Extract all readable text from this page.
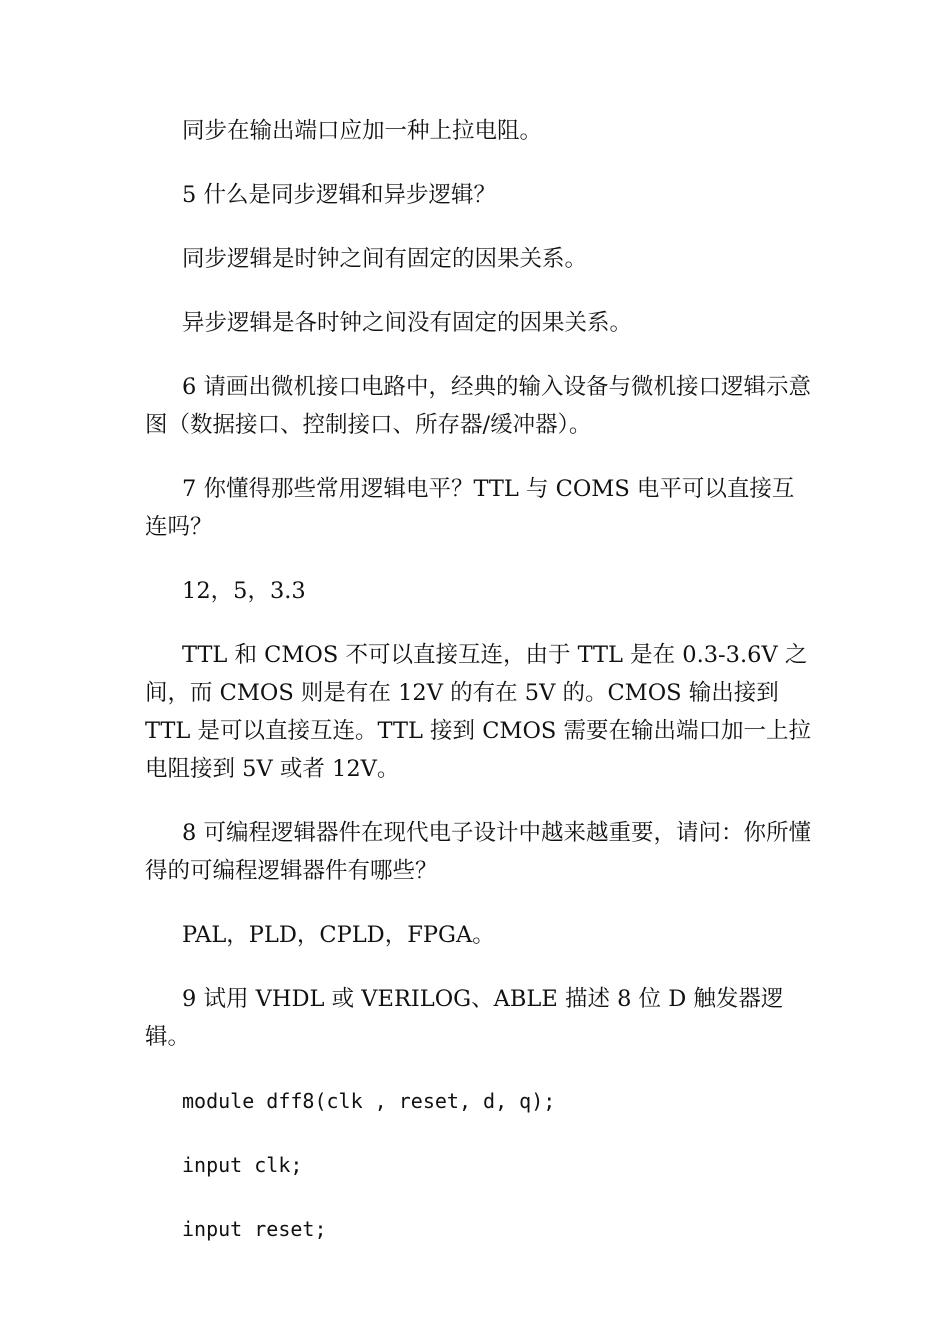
同步在输出端口应加一种上拉电阻。

5 什么是同步逻辑和异步逻辑？

同步逻辑是时钟之间有固定的因果关系。

异步逻辑是各时钟之间没有固定的因果关系。

6 请画出微机接口电路中，经典的输入设备与微机接口逻辑示意图（数据接口、控制接口、所存器/缓冲器）。

7 你懂得那些常用逻辑电平？TTL 与 COMS 电平可以直接互连吗？

12，5，3.3

TTL 和 CMOS 不可以直接互连，由于 TTL 是在 0.3-3.6V 之间，而 CMOS 则是有在 12V 的有在 5V 的。CMOS 输出接到 TTL 是可以直接互连。TTL 接到 CMOS 需要在输出端口加一上拉电阻接到 5V 或者 12V。

8 可编程逻辑器件在现代电子设计中越来越重要，请问：你所懂得的可编程逻辑器件有哪些？

PAL，PLD，CPLD，FPGA。

9 试用 VHDL 或 VERILOG、ABLE 描述 8 位 D 触发器逻辑。

module dff8(clk , reset, d, q);

input clk;

input reset;
